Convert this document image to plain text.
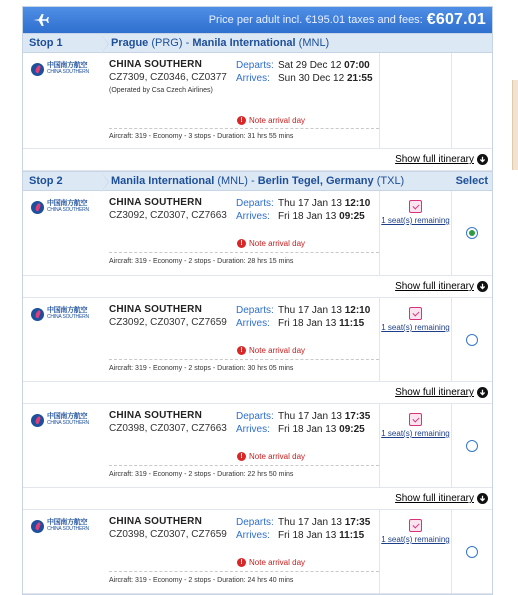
Price per adult incl. €195.01 taxes and fees: €607.01
Stop 1	Prague (PRG) - Manila International (MNL)
中国南方航空
CHINA SOUTHERN
CHINA SOUTHERN
CZ7309, CZ0346, CZ0377
(Operated by Csa Czech Airlines)
Departs: Sat 29 Dec 12 07:00
Arrives: Sun 30 Dec 12 21:55
! Note arrival day
Aircraft: 319 - Economy - 3 stops - Duration: 31 hrs 55 mins
Show full itinerary
Stop 2	Manila International (MNL) - Berlin Tegel, Germany (TXL)	Select
中国南方航空
CHINA SOUTHERN
CHINA SOUTHERN
CZ3092, CZ0307, CZ7663
Departs: Thu 17 Jan 13 12:10
Arrives: Fri 18 Jan 13 09:25
! Note arrival day
Aircraft: 319 - Economy - 2 stops - Duration: 28 hrs 15 mins
1 seat(s) remaining
Show full itinerary
中国南方航空
CHINA SOUTHERN
CHINA SOUTHERN
CZ3092, CZ0307, CZ7659
Departs: Thu 17 Jan 13 12:10
Arrives: Fri 18 Jan 13 11:15
! Note arrival day
Aircraft: 319 - Economy - 2 stops - Duration: 30 hrs 05 mins
1 seat(s) remaining
Show full itinerary
中国南方航空
CHINA SOUTHERN
CHINA SOUTHERN
CZ0398, CZ0307, CZ7663
Departs: Thu 17 Jan 13 17:35
Arrives: Fri 18 Jan 13 09:25
! Note arrival day
Aircraft: 319 - Economy - 2 stops - Duration: 22 hrs 50 mins
1 seat(s) remaining
Show full itinerary
中国南方航空
CHINA SOUTHERN
CHINA SOUTHERN
CZ0398, CZ0307, CZ7659
Departs: Thu 17 Jan 13 17:35
Arrives: Fri 18 Jan 13 11:15
! Note arrival day
Aircraft: 319 - Economy - 2 stops - Duration: 24 hrs 40 mins
1 seat(s) remaining
